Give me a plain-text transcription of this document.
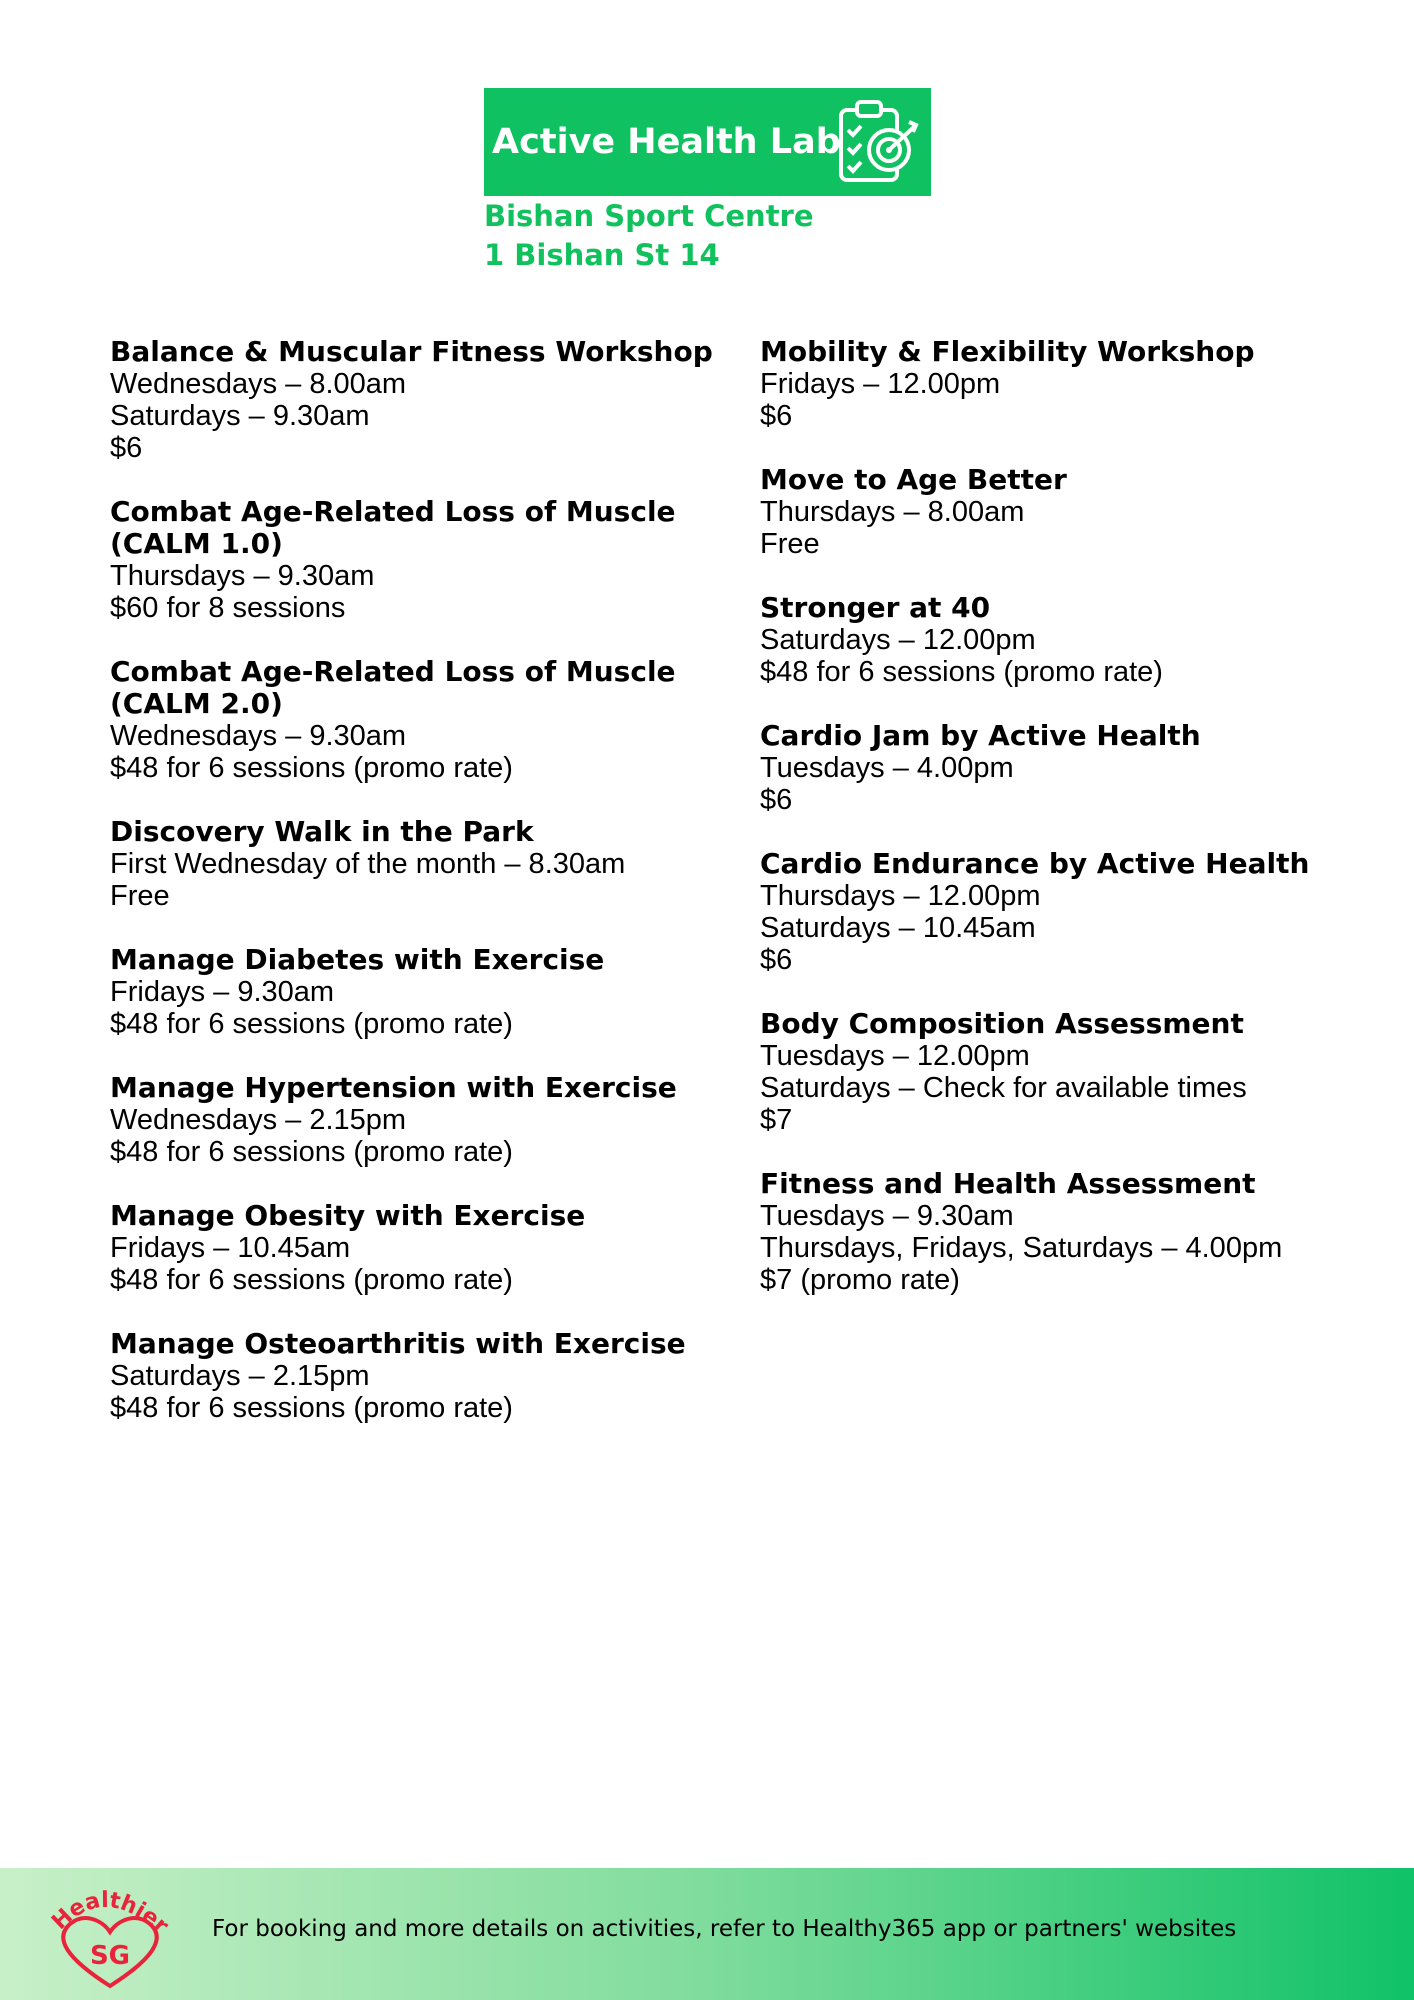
Active Health Lab
Bishan Sport Centre
1 Bishan St 14
Balance & Muscular Fitness Workshop
Wednesdays – 8.00am
Saturdays – 9.30am
$6
Combat Age-Related Loss of Muscle (CALM 1.0)
Thursdays – 9.30am
$60 for 8 sessions
Combat Age-Related Loss of Muscle (CALM 2.0)
Wednesdays – 9.30am
$48 for 6 sessions (promo rate)
Discovery Walk in the Park
First Wednesday of the month – 8.30am
Free
Manage Diabetes with Exercise
Fridays – 9.30am
$48 for 6 sessions (promo rate)
Manage Hypertension with Exercise
Wednesdays – 2.15pm
$48 for 6 sessions (promo rate)
Manage Obesity with Exercise
Fridays – 10.45am
$48 for 6 sessions (promo rate)
Manage Osteoarthritis with Exercise
Saturdays – 2.15pm
$48 for 6 sessions (promo rate)
Mobility & Flexibility Workshop
Fridays – 12.00pm
$6
Move to Age Better
Thursdays – 8.00am
Free
Stronger at 40
Saturdays – 12.00pm
$48 for 6 sessions (promo rate)
Cardio Jam by Active Health
Tuesdays – 4.00pm
$6
Cardio Endurance by Active Health
Thursdays – 12.00pm
Saturdays – 10.45am
$6
Body Composition Assessment
Tuesdays – 12.00pm
Saturdays – Check for available times
$7
Fitness and Health Assessment
Tuesdays – 9.30am
Thursdays, Fridays, Saturdays – 4.00pm
$7 (promo rate)
Healthier
SG
For booking and more details on activities, refer to Healthy365 app or partners' websites
